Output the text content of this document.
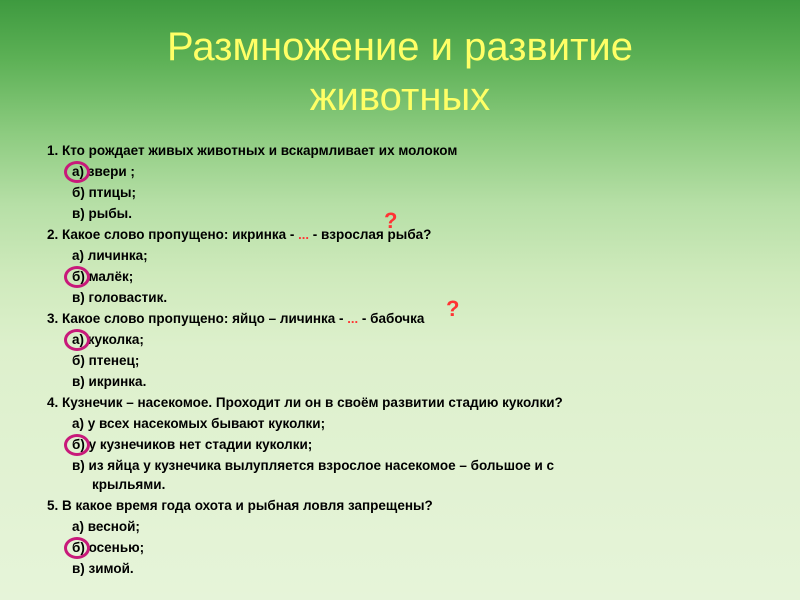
Размножение и развитие
животных
1. Кто рождает живых животных и вскармливает их молоком
а) звери ;
б) птицы;
в) рыбы.
2. Какое слово пропущено: икринка - ... - взрослая рыба?
а) личинка;
б) малёк;
в) головастик.
3. Какое слово пропущено: яйцо – личинка - ... - бабочка
а) куколка;
б) птенец;
в) икринка.
4. Кузнечик – насекомое. Проходит ли он в своём развитии стадию куколки?
а) у всех насекомых бывают куколки;
б) у кузнечиков нет стадии куколки;
в) из яйца у кузнечика вылупляется взрослое насекомое – большое и с
крыльями.
5. В какое время года охота и рыбная ловля запрещены?
а) весной;
б) осенью;
в) зимой.
?
?
